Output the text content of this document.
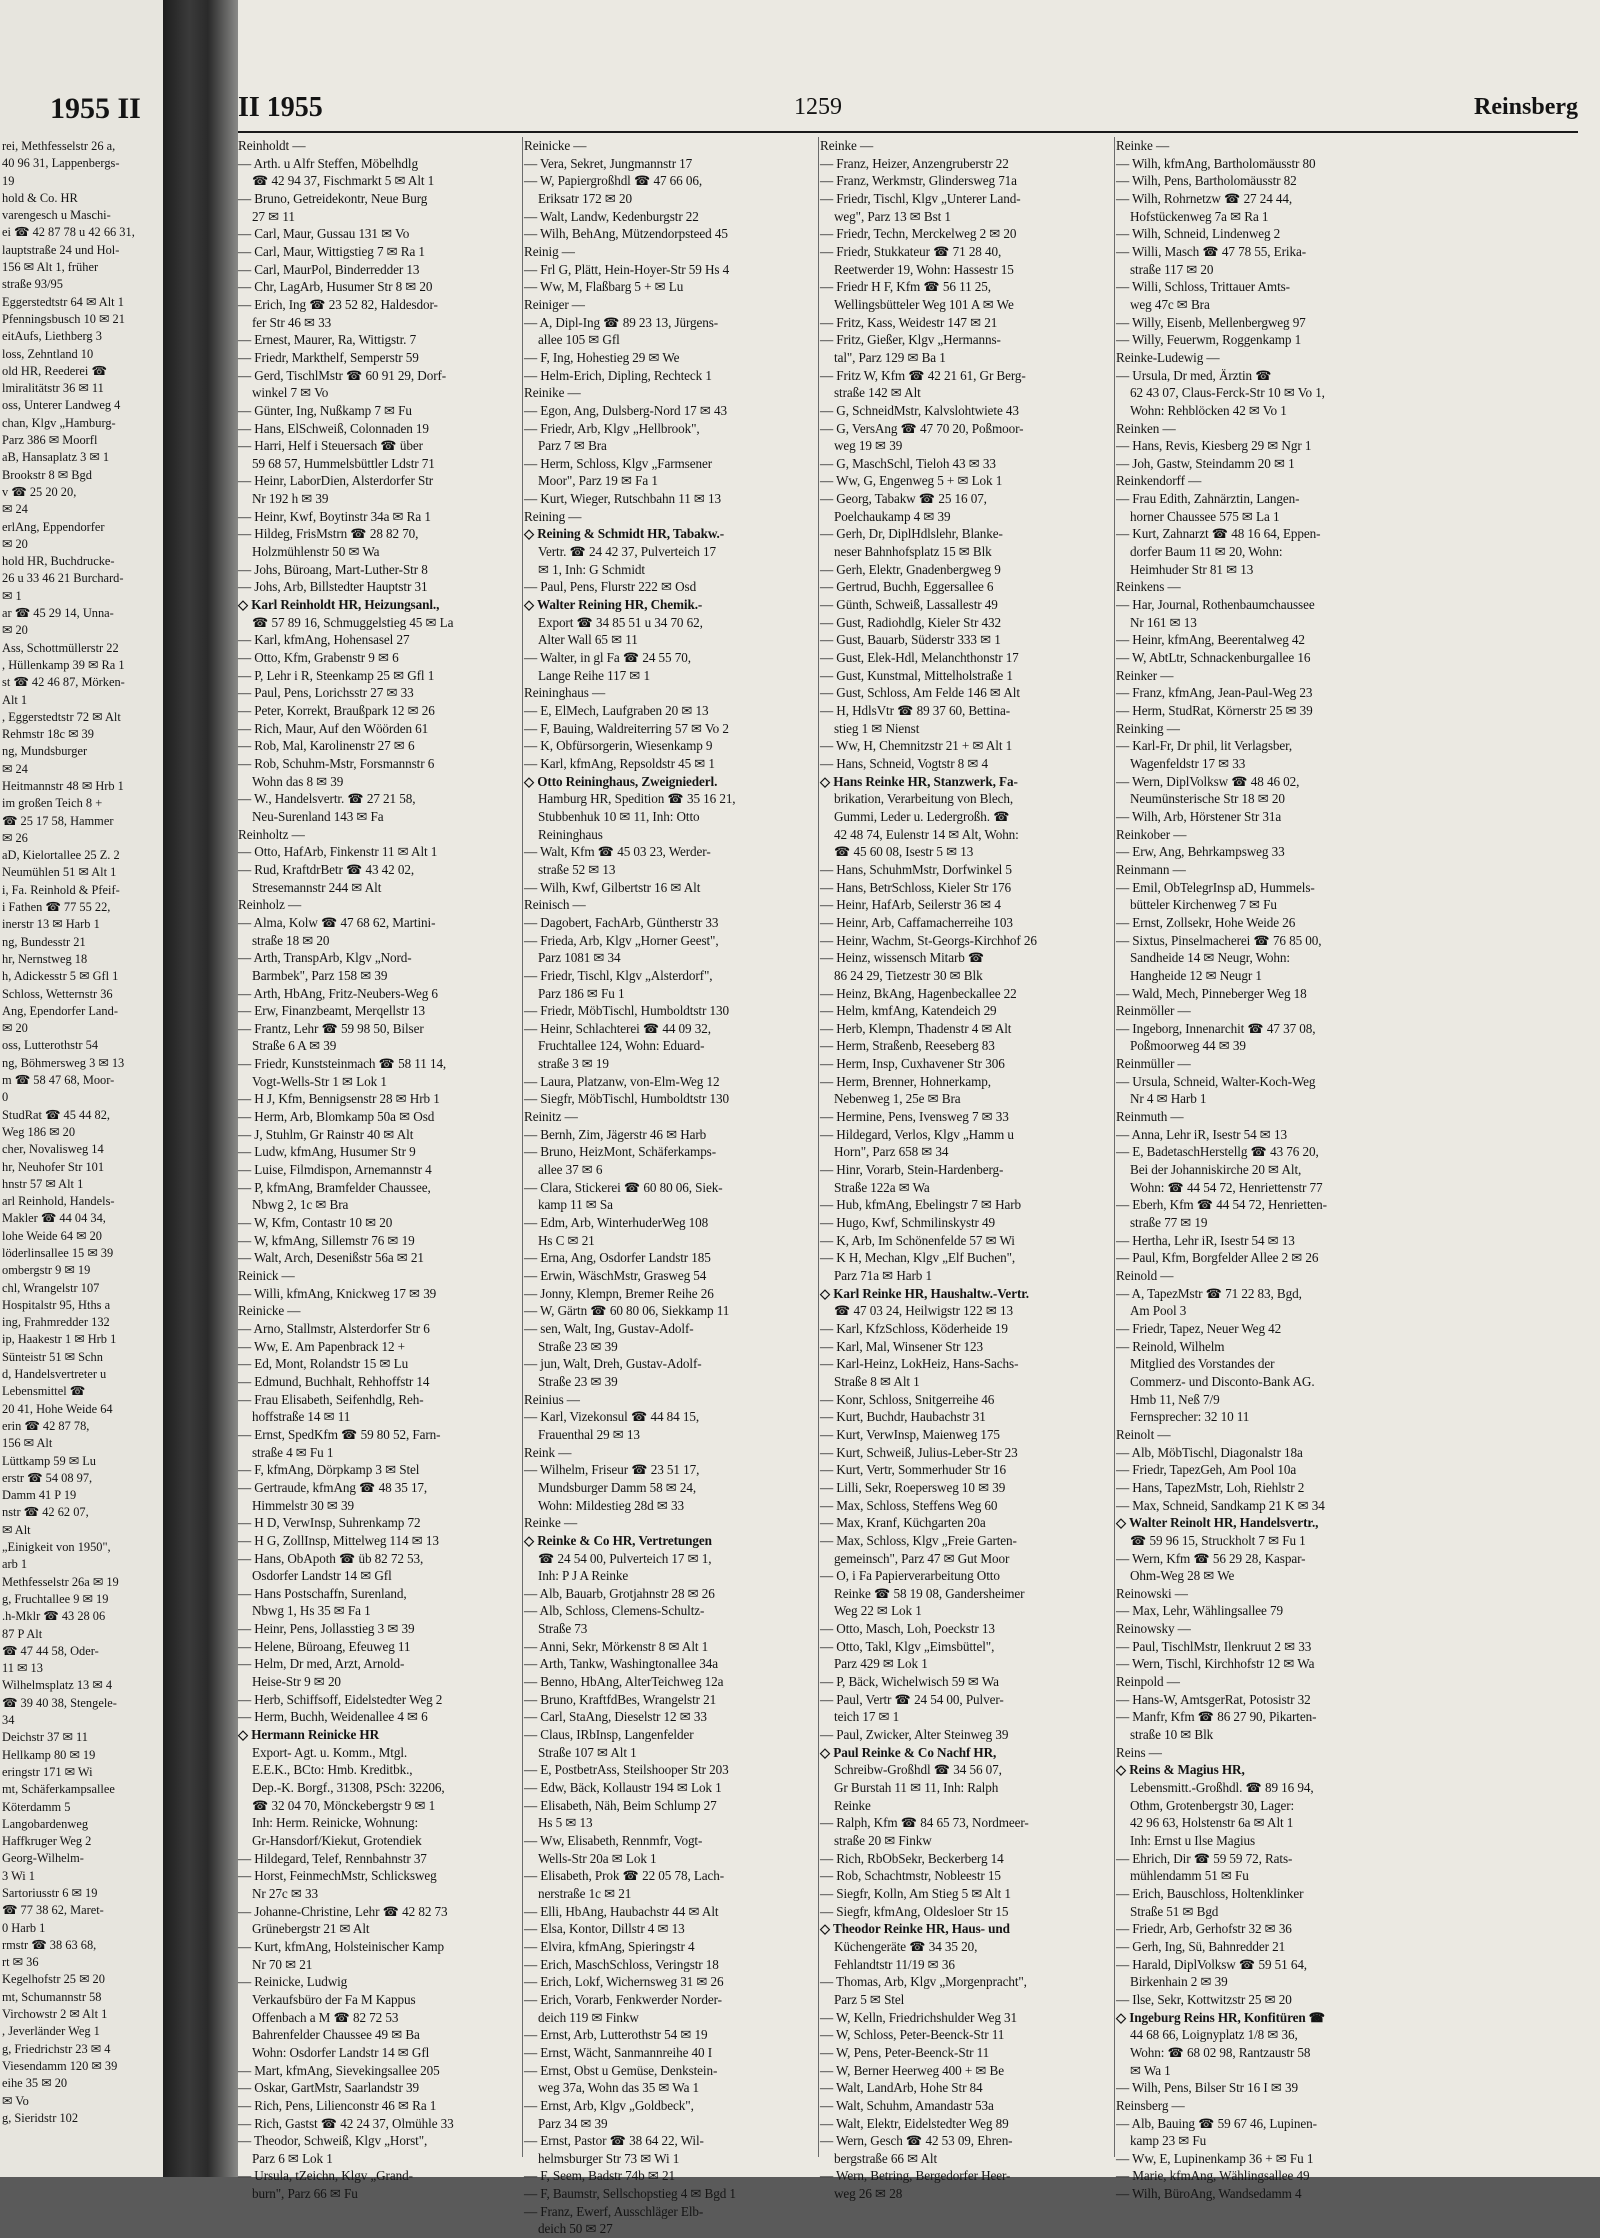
1955 II
rei, Methfesselstr 26 a,
40 96 31, Lappenbergs-
19
hold & Co. HR
varengesch u Maschi-
ei ☎ 42 87 78 u 42 66 31,
lauptstraße 24 und Hol-
156 ✉ Alt 1, früher
straße 93/95
Eggerstedtstr 64 ✉ Alt 1
Pfenningsbusch 10 ✉ 21
eitAufs, Liethberg 3
loss, Zehntland 10
old HR, Reederei ☎
lmiralitätstr 36 ✉ 11
oss, Unterer Landweg 4
chan, Klgv „Hamburg-
Parz 386 ✉ Moorfl
aB, Hansaplatz 3 ✉ 1
Brookstr 8 ✉ Bgd
v ☎ 25 20 20,
✉ 24
erlAng, Eppendorfer
✉ 20
hold HR, Buchdrucke-
26 u 33 46 21 Burchard-
✉ 1
ar ☎ 45 29 14, Unna-
✉ 20
Ass, Schottmüllerstr 22
, Hüllenkamp 39 ✉ Ra 1
st ☎ 42 46 87, Mörken-
Alt 1
, Eggerstedtstr 72 ✉ Alt
Rehmstr 18c ✉ 39
ng, Mundsburger
✉ 24
Heitmannstr 48 ✉ Hrb 1
im großen Teich 8 +
☎ 25 17 58, Hammer
✉ 26
aD, Kielortallee 25 Z. 2
Neumühlen 51 ✉ Alt 1
i, Fa. Reinhold & Pfeif-
i Fathen ☎ 77 55 22,
inerstr 13 ✉ Harb 1
ng, Bundesstr 21
hr, Nernstweg 18
h, Adickesstr 5 ✉ Gfl 1
Schloss, Wetternstr 36
Ang, Ependorfer Land-
✉ 20
oss, Lutterothstr 54
ng, Böhmersweg 3 ✉ 13
m ☎ 58 47 68, Moor-
0
StudRat ☎ 45 44 82,
Weg 186 ✉ 20
cher, Novalisweg 14
hr, Neuhofer Str 101
hnstr 57 ✉ Alt 1
arl Reinhold, Handels-
Makler ☎ 44 04 34,
lohe Weide 64 ✉ 20
löderlinsallee 15 ✉ 39
ombergstr 9 ✉ 19
chl, Wrangelstr 107
Hospitalstr 95, Hths a
ing, Frahmredder 132
ip, Haakestr 1 ✉ Hrb 1
Sünteistr 51 ✉ Schn
d, Handelsvertreter u
Lebensmittel ☎
20 41, Hohe Weide 64
erin ☎ 42 87 78,
156 ✉ Alt
Lüttkamp 59 ✉ Lu
erstr ☎ 54 08 97,
Damm 41 P 19
nstr ☎ 42 62 07,
✉ Alt
„Einigkeit von 1950",
arb 1
Methfesselstr 26a ✉ 19
g, Fruchtallee 9 ✉ 19
.h-Mklr ☎ 43 28 06
87 P Alt
☎ 47 44 58, Oder-
11 ✉ 13
Wilhelmsplatz 13 ✉ 4
☎ 39 40 38, Stengele-
34
Deichstr 37 ✉ 11
Hellkamp 80 ✉ 19
eringstr 171 ✉ Wi
mt, Schäferkampsallee
Köterdamm 5
Langobardenweg
Haffkruger Weg 2
Georg-Wilhelm-
3 Wi 1
Sartoriusstr 6 ✉ 19
☎ 77 38 62, Maret-
0 Harb 1
rmstr ☎ 38 63 68,
rt ✉ 36
Kegelhofstr 25 ✉ 20
mt, Schumannstr 58
Virchowstr 2 ✉ Alt 1
, Jeverländer Weg 1
g, Friedrichstr 23 ✉ 4
Viesendamm 120 ✉ 39
eihe 35 ✉ 20
✉ Vo
g, Sieridstr 102
II 1955	1259	Reinsberg
Reinholdt —
— Arth. u Alfr Steffen, Möbelhdlg
☎ 42 94 37, Fischmarkt 5 ✉ Alt 1
— Bruno, Getreidekontr, Neue Burg
27 ✉ 11
— Carl, Maur, Gussau 131 ✉ Vo
— Carl, Maur, Wittigstieg 7 ✉ Ra 1
— Carl, MaurPol, Binderredder 13
— Chr, LagArb, Husumer Str 8 ✉ 20
— Erich, Ing ☎ 23 52 82, Haldesdor-
fer Str 46 ✉ 33
— Ernest, Maurer, Ra, Wittigstr. 7
— Friedr, Markthelf, Semperstr 59
— Gerd, TischlMstr ☎ 60 91 29, Dorf-
winkel 7 ✉ Vo
— Günter, Ing, Nußkamp 7 ✉ Fu
— Hans, ElSchweiß, Colonnaden 19
— Harri, Helf i Steuersach ☎ über
59 68 57, Hummelsbüttler Ldstr 71
— Heinr, LaborDien, Alsterdorfer Str
Nr 192 h ✉ 39
— Heinr, Kwf, Boytinstr 34a ✉ Ra 1
— Hildeg, FrisMstrn ☎ 28 82 70,
Holzmühlenstr 50 ✉ Wa
— Johs, Büroang, Mart-Luther-Str 8
— Johs, Arb, Billstedter Hauptstr 31
◇ Karl Reinholdt HR, Heizungsanl.,
☎ 57 89 16, Schmuggelstieg 45 ✉ La
— Karl, kfmAng, Hohensasel 27
— Otto, Kfm, Grabenstr 9 ✉ 6
— P, Lehr i R, Steenkamp 25 ✉ Gfl 1
— Paul, Pens, Lorichsstr 27 ✉ 33
— Peter, Korrekt, Braußpark 12 ✉ 26
— Rich, Maur, Auf den Wöörden 61
— Rob, Mal, Karolinenstr 27 ✉ 6
— Rob, Schuhm-Mstr, Forsmannstr 6
Wohn das 8 ✉ 39
— W., Handelsvertr. ☎ 27 21 58,
Neu-Surenland 143 ✉ Fa
Reinholtz —
— Otto, HafArb, Finkenstr 11 ✉ Alt 1
— Rud, KraftdrBetr ☎ 43 42 02,
Stresemannstr 244 ✉ Alt
Reinholz —
— Alma, Kolw ☎ 47 68 62, Martini-
straße 18 ✉ 20
— Arth, TranspArb, Klgv „Nord-
Barmbek", Parz 158 ✉ 39
— Arth, HbAng, Fritz-Neubers-Weg 6
— Erw, Finanzbeamt, Merqellstr 13
— Frantz, Lehr ☎ 59 98 50, Bilser
Straße 6 A ✉ 39
— Friedr, Kunststeinmach ☎ 58 11 14,
Vogt-Wells-Str 1 ✉ Lok 1
— H J, Kfm, Bennigsenstr 28 ✉ Hrb 1
— Herm, Arb, Blomkamp 50a ✉ Osd
— J, Stuhlm, Gr Rainstr 40 ✉ Alt
— Ludw, kfmAng, Husumer Str 9
— Luise, Filmdispon, Arnemannstr 4
— P, kfmAng, Bramfelder Chaussee,
Nbwg 2, 1c ✉ Bra
— W, Kfm, Contastr 10 ✉ 20
— W, kfmAng, Sillemstr 76 ✉ 19
— Walt, Arch, Desenißstr 56a ✉ 21
Reinick —
— Willi, kfmAng, Knickweg 17 ✉ 39
Reinicke —
— Arno, Stallmstr, Alsterdorfer Str 6
— Ww, E. Am Papenbrack 12 +
— Ed, Mont, Rolandstr 15 ✉ Lu
— Edmund, Buchhalt, Rehhoffstr 14
— Frau Elisabeth, Seifenhdlg, Reh-
hoffstraße 14 ✉ 11
— Ernst, SpedKfm ☎ 59 80 52, Farn-
straße 4 ✉ Fu 1
— F, kfmAng, Dörpkamp 3 ✉ Stel
— Gertraude, kfmAng ☎ 48 35 17,
Himmelstr 30 ✉ 39
— H D, VerwInsp, Suhrenkamp 72
— H G, ZollInsp, Mittelweg 114 ✉ 13
— Hans, ObApoth ☎ üb 82 72 53,
Osdorfer Landstr 14 ✉ Gfl
— Hans Postschaffn, Surenland,
Nbwg 1, Hs 35 ✉ Fa 1
— Heinr, Pens, Jollasstieg 3 ✉ 39
— Helene, Büroang, Efeuweg 11
— Helm, Dr med, Arzt, Arnold-
Heise-Str 9 ✉ 20
— Herb, Schiffsoff, Eidelstedter Weg 2
— Herm, Buchh, Weidenallee 4 ✉ 6
◇ Hermann Reinicke HR
Export- Agt. u. Komm., Mtgl.
E.E.K., BCto: Hmb. Kreditbk.,
Dep.-K. Borgf., 31308, PSch: 32206,
☎ 32 04 70, Mönckebergstr 9 ✉ 1
Inh: Herm. Reinicke, Wohnung:
Gr-Hansdorf/Kiekut, Grotendiek
— Hildegard, Telef, Rennbahnstr 37
— Horst, FeinmechMstr, Schlicksweg
Nr 27c ✉ 33
— Johanne-Christine, Lehr ☎ 42 82 73
Grünebergstr 21 ✉ Alt
— Kurt, kfmAng, Holsteinischer Kamp
Nr 70 ✉ 21
— Reinicke, Ludwig
Verkaufsbüro der Fa M Kappus
Offenbach a M ☎ 82 72 53
Bahrenfelder Chaussee 49 ✉ Ba
Wohn: Osdorfer Landstr 14 ✉ Gfl
— Mart, kfmAng, Sievekingsallee 205
— Oskar, GartMstr, Saarlandstr 39
— Rich, Pens, Lilienconstr 46 ✉ Ra 1
— Rich, Gastst ☎ 42 24 37, Olmühle 33
— Theodor, Schweiß, Klgv „Horst",
Parz 6 ✉ Lok 1
— Ursula, tZeichn, Klgv „Grand-
burn", Parz 66 ✉ Fu
Reinicke —
— Vera, Sekret, Jungmannstr 17
— W, Papiergroßhdl ☎ 47 66 06,
Eriksatr 172 ✉ 20
— Walt, Landw, Kedenburgstr 22
— Wilh, BehAng, Mützendorpsteed 45
Reinig —
— Frl G, Plätt, Hein-Hoyer-Str 59 Hs 4
— Ww, M, Flaßbarg 5 + ✉ Lu
Reiniger —
— A, Dipl-Ing ☎ 89 23 13, Jürgens-
allee 105 ✉ Gfl
— F, Ing, Hohestieg 29 ✉ We
— Helm-Erich, Dipling, Rechteck 1
Reinike —
— Egon, Ang, Dulsberg-Nord 17 ✉ 43
— Friedr, Arb, Klgv „Hellbrook",
Parz 7 ✉ Bra
— Herm, Schloss, Klgv „Farmsener
Moor", Parz 19 ✉ Fa 1
— Kurt, Wieger, Rutschbahn 11 ✉ 13
Reining —
◇ Reining & Schmidt HR, Tabakw.-
Vertr. ☎ 24 42 37, Pulverteich 17
✉ 1, Inh: G Schmidt
— Paul, Pens, Flurstr 222 ✉ Osd
◇ Walter Reining HR, Chemik.-
Export ☎ 34 85 51 u 34 70 62,
Alter Wall 65 ✉ 11
— Walter, in gl Fa ☎ 24 55 70,
Lange Reihe 117 ✉ 1
Reininghaus —
— E, ElMech, Laufgraben 20 ✉ 13
— F, Bauing, Waldreiterring 57 ✉ Vo 2
— K, Obfürsorgerin, Wiesenkamp 9
— Karl, kfmAng, Repsoldstr 45 ✉ 1
◇ Otto Reininghaus, Zweigniederl.
Hamburg HR, Spedition ☎ 35 16 21,
Stubbenhuk 10 ✉ 11, Inh: Otto
Reininghaus
— Walt, Kfm ☎ 45 03 23, Werder-
straße 52 ✉ 13
— Wilh, Kwf, Gilbertstr 16 ✉ Alt
Reinisch —
— Dagobert, FachArb, Güntherstr 33
— Frieda, Arb, Klgv „Horner Geest",
Parz 1081 ✉ 34
— Friedr, Tischl, Klgv „Alsterdorf",
Parz 186 ✉ Fu 1
— Friedr, MöbTischl, Humboldtstr 130
— Heinr, Schlachterei ☎ 44 09 32,
Fruchtallee 124, Wohn: Eduard-
straße 3 ✉ 19
— Laura, Platzanw, von-Elm-Weg 12
— Siegfr, MöbTischl, Humboldtstr 130
Reinitz —
— Bernh, Zim, Jägerstr 46 ✉ Harb
— Bruno, HeizMont, Schäferkamps-
allee 37 ✉ 6
— Clara, Stickerei ☎ 60 80 06, Siek-
kamp 11 ✉ Sa
— Edm, Arb, WinterhuderWeg 108
Hs C ✉ 21
— Erna, Ang, Osdorfer Landstr 185
— Erwin, WäschMstr, Grasweg 54
— Jonny, Klempn, Bremer Reihe 26
— W, Gärtn ☎ 60 80 06, Siekkamp 11
— sen, Walt, Ing, Gustav-Adolf-
Straße 23 ✉ 39
— jun, Walt, Dreh, Gustav-Adolf-
Straße 23 ✉ 39
Reinius —
— Karl, Vizekonsul ☎ 44 84 15,
Frauenthal 29 ✉ 13
Reink —
— Wilhelm, Friseur ☎ 23 51 17,
Mundsburger Damm 58 ✉ 24,
Wohn: Mildestieg 28d ✉ 33
Reinke —
◇ Reinke & Co HR, Vertretungen
☎ 24 54 00, Pulverteich 17 ✉ 1,
Inh: P J A Reinke
— Alb, Bauarb, Grotjahnstr 28 ✉ 26
— Alb, Schloss, Clemens-Schultz-
Straße 73
— Anni, Sekr, Mörkenstr 8 ✉ Alt 1
— Arth, Tankw, Washingtonallee 34a
— Benno, HbAng, AlterTeichweg 12a
— Bruno, KraftfdBes, Wrangelstr 21
— Carl, StaAng, Dieselstr 12 ✉ 33
— Claus, IRbInsp, Langenfelder
Straße 107 ✉ Alt 1
— E, PostbetrAss, Steilshooper Str 203
— Edw, Bäck, Kollaustr 194 ✉ Lok 1
— Elisabeth, Näh, Beim Schlump 27
Hs 5 ✉ 13
— Ww, Elisabeth, Rennmfr, Vogt-
Wells-Str 20a ✉ Lok 1
— Elisabeth, Prok ☎ 22 05 78, Lach-
nerstraße 1c ✉ 21
— Elli, HbAng, Haubachstr 44 ✉ Alt
— Elsa, Kontor, Dillstr 4 ✉ 13
— Elvira, kfmAng, Spieringstr 4
— Erich, MaschSchloss, Veringstr 18
— Erich, Lokf, Wichernsweg 31 ✉ 26
— Erich, Vorarb, Fenkwerder Norder-
deich 119 ✉ Finkw
— Ernst, Arb, Lutterothstr 54 ✉ 19
— Ernst, Wächt, Sanmannreihe 40 I
— Ernst, Obst u Gemüse, Denkstein-
weg 37a, Wohn das 35 ✉ Wa 1
— Ernst, Arb, Klgv „Goldbeck",
Parz 34 ✉ 39
— Ernst, Pastor ☎ 38 64 22, Wil-
helmsburger Str 73 ✉ Wi 1
— F, Seem, Badstr 74b ✉ 21
— F, Baumstr, Sellschopstieg 4 ✉ Bgd 1
— Franz, Ewerf, Ausschläger Elb-
deich 50 ✉ 27
Reinke —
— Franz, Heizer, Anzengruberstr 22
— Franz, Werkmstr, Glindersweg 71a
— Friedr, Tischl, Klgv „Unterer Land-
weg", Parz 13 ✉ Bst 1
— Friedr, Techn, Merckelweg 2 ✉ 20
— Friedr, Stukkateur ☎ 71 28 40,
Reetwerder 19, Wohn: Hassestr 15
— Friedr H F, Kfm ☎ 56 11 25,
Wellingsbütteler Weg 101 A ✉ We
— Fritz, Kass, Weidestr 147 ✉ 21
— Fritz, Gießer, Klgv „Hermanns-
tal", Parz 129 ✉ Ba 1
— Fritz W, Kfm ☎ 42 21 61, Gr Berg-
straße 142 ✉ Alt
— G, SchneidMstr, Kalvslohtwiete 43
— G, VersAng ☎ 47 70 20, Poßmoor-
weg 19 ✉ 39
— G, MaschSchl, Tieloh 43 ✉ 33
— Ww, G, Engenweg 5 + ✉ Lok 1
— Georg, Tabakw ☎ 25 16 07,
Poelchaukamp 4 ✉ 39
— Gerh, Dr, DiplHdlslehr, Blanke-
neser Bahnhofsplatz 15 ✉ Blk
— Gerh, Elektr, Gnadenbergweg 9
— Gertrud, Buchh, Eggersallee 6
— Günth, Schweiß, Lassallestr 49
— Gust, Radiohdlg, Kieler Str 432
— Gust, Bauarb, Süderstr 333 ✉ 1
— Gust, Elek-Hdl, Melanchthonstr 17
— Gust, Kunstmal, Mittelholstraße 1
— Gust, Schloss, Am Felde 146 ✉ Alt
— H, HdlsVtr ☎ 89 37 60, Bettina-
stieg 1 ✉ Nienst
— Ww, H, Chemnitzstr 21 + ✉ Alt 1
— Hans, Schneid, Vogtstr 8 ✉ 4
◇ Hans Reinke HR, Stanzwerk, Fa-
brikation, Verarbeitung von Blech,
Gummi, Leder u. Ledergroßh. ☎
42 48 74, Eulenstr 14 ✉ Alt, Wohn:
☎ 45 60 08, Isestr 5 ✉ 13
— Hans, SchuhmMstr, Dorfwinkel 5
— Hans, BetrSchloss, Kieler Str 176
— Heinr, HafArb, Seilerstr 36 ✉ 4
— Heinr, Arb, Caffamacherreihe 103
— Heinr, Wachm, St-Georgs-Kirchhof 26
— Heinz, wissensch Mitarb ☎
86 24 29, Tietzestr 30 ✉ Blk
— Heinz, BkAng, Hagenbeckallee 22
— Helm, kmfAng, Katendeich 29
— Herb, Klempn, Thadenstr 4 ✉ Alt
— Herm, Straßenb, Reeseberg 83
— Herm, Insp, Cuxhavener Str 306
— Herm, Brenner, Hohnerkamp,
Nebenweg 1, 25e ✉ Bra
— Hermine, Pens, Ivensweg 7 ✉ 33
— Hildegard, Verlos, Klgv „Hamm u
Horn", Parz 658 ✉ 34
— Hinr, Vorarb, Stein-Hardenberg-
Straße 122a ✉ Wa
— Hub, kfmAng, Ebelingstr 7 ✉ Harb
— Hugo, Kwf, Schmilinskystr 49
— K, Arb, Im Schönenfelde 57 ✉ Wi
— K H, Mechan, Klgv „Elf Buchen",
Parz 71a ✉ Harb 1
◇ Karl Reinke HR, Haushaltw.-Vertr.
☎ 47 03 24, Heilwigstr 122 ✉ 13
— Karl, KfzSchloss, Köderheide 19
— Karl, Mal, Winsener Str 123
— Karl-Heinz, LokHeiz, Hans-Sachs-
Straße 8 ✉ Alt 1
— Konr, Schloss, Snitgerreihe 46
— Kurt, Buchdr, Haubachstr 31
— Kurt, VerwInsp, Maienweg 175
— Kurt, Schweiß, Julius-Leber-Str 23
— Kurt, Vertr, Sommerhuder Str 16
— Lilli, Sekr, Roepersweg 10 ✉ 39
— Max, Schloss, Steffens Weg 60
— Max, Kranf, Küchgarten 20a
— Max, Schloss, Klgv „Freie Garten-
gemeinsch", Parz 47 ✉ Gut Moor
— O, i Fa Papierverarbeitung Otto
Reinke ☎ 58 19 08, Gandersheimer
Weg 22 ✉ Lok 1
— Otto, Masch, Loh, Poeckstr 13
— Otto, Takl, Klgv „Eimsbüttel",
Parz 429 ✉ Lok 1
— P, Bäck, Wichelwisch 59 ✉ Wa
— Paul, Vertr ☎ 24 54 00, Pulver-
teich 17 ✉ 1
— Paul, Zwicker, Alter Steinweg 39
◇ Paul Reinke & Co Nachf HR,
Schreibw-Großhdl ☎ 34 56 07,
Gr Burstah 11 ✉ 11, Inh: Ralph
Reinke
— Ralph, Kfm ☎ 84 65 73, Nordmeer-
straße 20 ✉ Finkw
— Rich, RbObSekr, Beckerberg 14
— Rob, Schachtmstr, Nobleestr 15
— Siegfr, Kolln, Am Stieg 5 ✉ Alt 1
— Siegfr, kfmAng, Oldesloer Str 15
◇ Theodor Reinke HR, Haus- und
Küchengeräte ☎ 34 35 20,
Fehlandtstr 11/19 ✉ 36
— Thomas, Arb, Klgv „Morgenpracht",
Parz 5 ✉ Stel
— W, Kelln, Friedrichshulder Weg 31
— W, Schloss, Peter-Beenck-Str 11
— W, Pens, Peter-Beenck-Str 11
— W, Berner Heerweg 400 + ✉ Be
— Walt, LandArb, Hohe Str 84
— Walt, Schuhm, Amandastr 53a
— Walt, Elektr, Eidelstedter Weg 89
— Wern, Gesch ☎ 42 53 09, Ehren-
bergstraße 66 ✉ Alt
— Wern, Betring, Bergedorfer Heer-
weg 26 ✉ 28
Reinke —
— Wilh, kfmAng, Bartholomäusstr 80
— Wilh, Pens, Bartholomäusstr 82
— Wilh, Rohrnetzw ☎ 27 24 44,
Hofstückenweg 7a ✉ Ra 1
— Wilh, Schneid, Lindenweg 2
— Willi, Masch ☎ 47 78 55, Erika-
straße 117 ✉ 20
— Willi, Schloss, Trittauer Amts-
weg 47c ✉ Bra
— Willy, Eisenb, Mellenbergweg 97
— Willy, Feuerwm, Roggenkamp 1
Reinke-Ludewig —
— Ursula, Dr med, Ärztin ☎
62 43 07, Claus-Ferck-Str 10 ✉ Vo 1,
Wohn: Rehblöcken 42 ✉ Vo 1
Reinken —
— Hans, Revis, Kiesberg 29 ✉ Ngr 1
— Joh, Gastw, Steindamm 20 ✉ 1
Reinkendorff —
— Frau Edith, Zahnärztin, Langen-
horner Chaussee 575 ✉ La 1
— Kurt, Zahnarzt ☎ 48 16 64, Eppen-
dorfer Baum 11 ✉ 20, Wohn:
Heimhuder Str 81 ✉ 13
Reinkens —
— Har, Journal, Rothenbaumchaussee
Nr 161 ✉ 13
— Heinr, kfmAng, Beerentalweg 42
— W, AbtLtr, Schnackenburgallee 16
Reinker —
— Franz, kfmAng, Jean-Paul-Weg 23
— Herm, StudRat, Körnerstr 25 ✉ 39
Reinking —
— Karl-Fr, Dr phil, lit Verlagsber,
Wagenfeldstr 17 ✉ 33
— Wern, DiplVolksw ☎ 48 46 02,
Neumünsterische Str 18 ✉ 20
— Wilh, Arb, Hörstener Str 31a
Reinkober —
— Erw, Ang, Behrkampsweg 33
Reinmann —
— Emil, ObTelegrInsp aD, Hummels-
bütteler Kirchenweg 7 ✉ Fu
— Ernst, Zollsekr, Hohe Weide 26
— Sixtus, Pinselmacherei ☎ 76 85 00,
Sandheide 14 ✉ Neugr, Wohn:
Hangheide 12 ✉ Neugr 1
— Wald, Mech, Pinneberger Weg 18
Reinmöller —
— Ingeborg, Innenarchit ☎ 47 37 08,
Poßmoorweg 44 ✉ 39
Reinmüller —
— Ursula, Schneid, Walter-Koch-Weg
Nr 4 ✉ Harb 1
Reinmuth —
— Anna, Lehr iR, Isestr 54 ✉ 13
— E, BadetaschHerstellg ☎ 43 76 20,
Bei der Johanniskirche 20 ✉ Alt,
Wohn: ☎ 44 54 72, Henriettenstr 77
— Eberh, Kfm ☎ 44 54 72, Henrietten-
straße 77 ✉ 19
— Hertha, Lehr iR, Isestr 54 ✉ 13
— Paul, Kfm, Borgfelder Allee 2 ✉ 26
Reinold —
— A, TapezMstr ☎ 71 22 83, Bgd,
Am Pool 3
— Friedr, Tapez, Neuer Weg 42
— Reinold, Wilhelm
Mitglied des Vorstandes der
Commerz- und Disconto-Bank AG.
Hmb 11, Neß 7/9
Fernsprecher: 32 10 11
Reinolt —
— Alb, MöbTischl, Diagonalstr 18a
— Friedr, TapezGeh, Am Pool 10a
— Hans, TapezMstr, Loh, Riehlstr 2
— Max, Schneid, Sandkamp 21 K ✉ 34
◇ Walter Reinolt HR, Handelsvertr.,
☎ 59 96 15, Struckholt 7 ✉ Fu 1
— Wern, Kfm ☎ 56 29 28, Kaspar-
Ohm-Weg 28 ✉ We
Reinowski —
— Max, Lehr, Wählingsallee 79
Reinowsky —
— Paul, TischlMstr, Ilenkruut 2 ✉ 33
— Wern, Tischl, Kirchhofstr 12 ✉ Wa
Reinpold —
— Hans-W, AmtsgerRat, Potosistr 32
— Manfr, Kfm ☎ 86 27 90, Pikarten-
straße 10 ✉ Blk
Reins —
◇ Reins & Magius HR,
Lebensmitt.-Großhdl. ☎ 89 16 94,
Othm, Grotenbergstr 30, Lager:
42 96 63, Holstenstr 6a ✉ Alt 1
Inh: Ernst u Ilse Magius
— Ehrich, Dir ☎ 59 59 72, Rats-
mühlendamm 51 ✉ Fu
— Erich, Bauschloss, Holtenklinker
Straße 51 ✉ Bgd
— Friedr, Arb, Gerhofstr 32 ✉ 36
— Gerh, Ing, Sü, Bahnredder 21
— Harald, DiplVolksw ☎ 59 51 64,
Birkenhain 2 ✉ 39
— Ilse, Sekr, Kottwitzstr 25 ✉ 20
◇ Ingeburg Reins HR, Konfitüren ☎
44 68 66, Loignyplatz 1/8 ✉ 36,
Wohn: ☎ 68 02 98, Rantzaustr 58
✉ Wa 1
— Wilh, Pens, Bilser Str 16 I ✉ 39
Reinsberg —
— Alb, Bauing ☎ 59 67 46, Lupinen-
kamp 23 ✉ Fu
— Ww, E, Lupinenkamp 36 + ✉ Fu 1
— Marie, kfmAng, Wählingsallee 49
— Wilh, BüroAng, Wandsedamm 4
